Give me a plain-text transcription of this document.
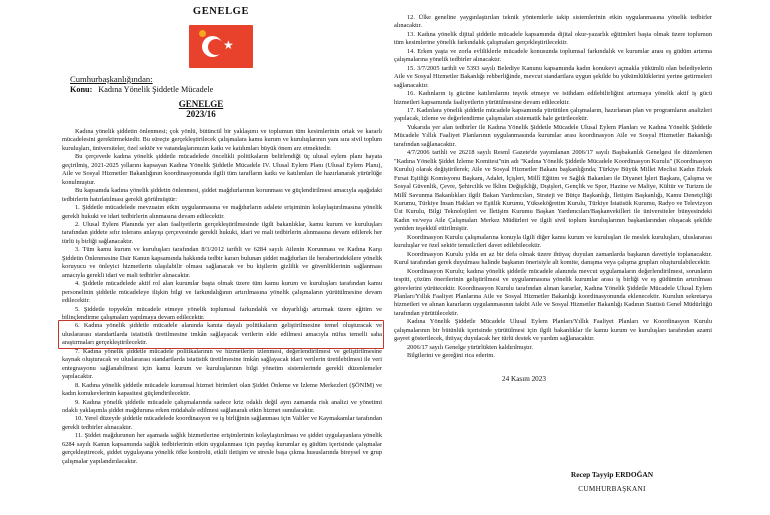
GENELGE
Cumhurbaşkanlığından:
Konu: Kadına Yönelik Şiddetle Mücadele
GENELGE
2023/16

Kadına yönelik şiddetin önlenmesi; çok yönlü, bütüncül bir yaklaşımı ve toplumun tüm kesimlerinin ortak ve kararlı mücadelesini gerektirmektedir. Bu süreçte gerçekleştirilecek çalışmalara kamu kurum ve kuruluşlarının yanı sıra sivil toplum kuruluşları, üniversiteler, özel sektör ve vatandaşlarımızın katkı ve katılımları büyük önem arz etmektedir.

Bu çerçevede kadına yönelik şiddetle mücadelede öncelikli politikaların belirlendiği üç ulusal eylem planı hayata geçirilmiş, 2021-2025 yıllarını kapsayan Kadına Yönelik Şiddetle Mücadele IV. Ulusal Eylem Planı (Ulusal Eylem Planı), Aile ve Sosyal Hizmetler Bakanlığının koordinasyonunda ilgili tüm tarafların katkı ve katılımları ile hazırlanarak yürürlüğe konulmuştur.

Bu kapsamda kadına yönelik şiddetin önlenmesi, şiddet mağdurlarının korunması ve güçlendirilmesi amacıyla aşağıdaki tedbirlerin hatırlatılması gerekli görülmüştür:

1. Şiddetle mücadelede mevzuatın etkin uygulanmasına ve mağdurların adalete erişiminin kolaylaştırılmasına yönelik gerekli hukuki ve idari tedbirlerin alınmasına devam edilecektir.

2. Ulusal Eylem Planında yer alan faaliyetlerin gerçekleştirilmesinde ilgili bakanlıklar, kamu kurum ve kuruluşları tarafından şiddete sıfır tolerans anlayışı çerçevesinde gerekli hukuki, idari ve mali tedbirlerin alınmasına devam edilerek her türlü iş birliği sağlanacaktır.

3. Tüm kamu kurum ve kuruluşları tarafından 8/3/2012 tarihli ve 6284 sayılı Ailenin Korunması ve Kadına Karşı Şiddetin Önlenmesine Dair Kanun kapsamında hakkında tedbir kararı bulunan şiddet mağdurları ile beraberindekilere yönelik koruyucu ve önleyici hizmetlerin ulaşılabilir olması sağlanacak ve bu kişilerin gizlilik ve güvenliklerinin sağlanması amacıyla gerekli idari ve mali tedbirler alınacaktır.

4. Şiddetle mücadelede aktif rol alan kurumlar başta olmak üzere tüm kamu kurum ve kuruluşları tarafından kamu personelinin şiddetle mücadeleye ilişkin bilgi ve farkındalığının artırılmasına yönelik çalışmaların yürütülmesine devam edilecektir.

5. Şiddetle topyekûn mücadele etmeye yönelik toplumsal farkındalık ve duyarlılığı artırmak üzere eğitim ve bilinçlendirme çalışmaları yapılmaya devam edilecektir.

6. Kadına yönelik şiddetle mücadele alanında kanıta dayalı politikaların geliştirilmesine temel oluşturacak ve uluslararası standartlarda istatistik üretilmesine imkân sağlayacak verilerin elde edilmesi amacıyla nüfus temelli saha araştırmaları gerçekleştirilecektir.

7. Kadına yönelik şiddetle mücadele politikalarının ve hizmetlerin izlenmesi, değerlendirilmesi ve geliştirilmesine kaynak oluşturacak ve uluslararası standartlarda istatistik üretilmesine imkân sağlayacak idari verilerin üretilebilmesi ile veri entegrasyonu sağlanabilmesi için kamu kurum ve kuruluşlarının bilgi yönetim sistemlerinde gerekli düzenlemeler yapılacaktır.

8. Kadına yönelik şiddetle mücadele kurumsal hizmet birimleri olan Şiddet Önleme ve İzleme Merkezleri (ŞÖNİM) ve kadın konukevlerinin kapasitesi güçlendirilecektir.

9. Kadına yönelik şiddetle mücadele çalışmalarında sadece kriz odaklı değil aynı zamanda risk analizi ve yönetimi odaklı yaklaşımla şiddet mağduruna erken müdahale edilmesi sağlanarak etkin hizmet sunulacaktır.

10. Yerel düzeyde şiddetle mücadelede koordinasyon ve iş birliğinin sağlanması için Valiler ve Kaymakamlar tarafından gerekli tedbirler alınacaktır.

11. Şiddet mağdurunun her aşamada sağlık hizmetlerine erişimlerinin kolaylaştırılması ve şiddet uygulayanlara yönelik 6284 sayılı Kanun kapsamında sağlık tedbirlerinin etkin uygulanması için paydaş kurumlar eş güdüm içerisinde çalışmalar gerçekleştirecek, şiddet uygulayana yönelik öfke kontrolü, etkili iletişim ve stresle başa çıkma hususlarında bireysel ve grup çalışmalar yapılandırılacaktır.

12. Ülke geneline yaygınlaştırılan teknik yöntemlerle takip sistemlerinin etkin uygulanmasına yönelik tedbirler alınacaktır.

13. Kadına yönelik dijital şiddetle mücadele kapsamında dijital okur-yazarlık eğitimleri başta olmak üzere toplumun tüm kesimlerine yönelik farkındalık çalışmaları gerçekleştirilecektir.

14. Erken yaşta ve zorla evliliklerle mücadele konusunda toplumsal farkındalık ve kurumlar arası eş güdüm artırma çalışmalarına yönelik tedbirler alınacaktır.

15. 3/7/2005 tarihli ve 5393 sayılı Belediye Kanunu kapsamında kadın konukevi açmakla yükümlü olan belediyelerin Aile ve Sosyal Hizmetler Bakanlığı rehberliğinde, mevcut standartlara uygun şekilde bu yükümlülüklerini yerine getirmeleri sağlanacaktır.

16. Kadınların iş gücüne katılımlarını teşvik etmeye ve istihdam edilebilirliğini artırmaya yönelik aktif iş gücü hizmetleri kapsamında faaliyetlerin yürütülmesine devam edilecektir.

17. Kadınlara yönelik şiddetle mücadele kapsamında yürütülen çalışmaların, hazırlanan plan ve programların analizleri yapılacak, izleme ve değerlendirme çalışmaları sistematik hale getirilecektir.

Yukarıda yer alan tedbirler ile Kadına Yönelik Şiddetle Mücadele Ulusal Eylem Planları ve Kadına Yönelik Şiddetle Mücadele Yıllık Faaliyet Planlarının uygulanmasında kurumlar arası koordinasyon Aile ve Sosyal Hizmetler Bakanlığı tarafından sağlanacaktır.

4/7/2006 tarihli ve 26218 sayılı Resmî Gazete'de yayımlanan 2006/17 sayılı Başbakanlık Genelgesi ile düzenlenen "Kadına Yönelik Şiddet İzleme Komitesi"nin adı "Kadına Yönelik Şiddetle Mücadele Koordinasyon Kurulu" (Koordinasyon Kurulu) olarak değiştirilerek; Aile ve Sosyal Hizmetler Bakanı başkanlığında; Türkiye Büyük Millet Meclisi Kadın Erkek Fırsat Eşitliği Komisyonu Başkanı, Adalet, İçişleri, Millî Eğitim ve Sağlık Bakanları ile Diyanet İşleri Başkanı, Çalışma ve Sosyal Güvenlik, Çevre, Şehircilik ve İklim Değişikliği, Dışişleri, Gençlik ve Spor, Hazine ve Maliye, Kültür ve Turizm ile Millî Savunma Bakanlıkları ilgili Bakan Yardımcıları, Strateji ve Bütçe Başkanlığı, İletişim Başkanlığı, Kamu Denetçiliği Kurumu, Türkiye İnsan Hakları ve Eşitlik Kurumu, Yükseköğretim Kurulu, Türkiye İstatistik Kurumu, Radyo ve Televizyon Üst Kurulu, Bilgi Teknolojileri ve İletişim Kurumu Başkan Yardımcıları/Başkanvekilleri ile üniversiteler bünyesindeki Kadın ve/veya Aile Çalışmaları Merkez Müdürleri ve ilgili sivil toplum kuruluşlarının başkanlarından oluşacak şekilde yeniden teşekkül ettirilmiştir.

Koordinasyon Kurulu çalışmalarına konuyla ilgili diğer kamu kurum ve kuruluşları ile meslek kuruluşları, uluslararası kuruluşlar ve özel sektör temsilcileri davet edilebilecektir.

Koordinasyon Kurulu yılda en az bir defa olmak üzere ihtiyaç duyulan zamanlarda başkanın davetiyle toplanacaktır. Kurul tarafından gerek duyulması halinde başkanın önerisiyle alt komite, danışma veya çalışma grupları oluşturulabilecektir.

Koordinasyon Kurulu; kadına yönelik şiddetle mücadele alanında mevcut uygulamaların değerlendirilmesi, sorunların tespiti, çözüm önerilerinin geliştirilmesi ve uygulanmasına yönelik kurumlar arası iş birliği ve eş güdümün artırılması görevlerini yürütecektir. Koordinasyon Kurulu tarafından alınan kararlar, Kadına Yönelik Şiddetle Mücadele Ulusal Eylem Planları/Yıllık Faaliyet Planlarına Aile ve Sosyal Hizmetler Bakanlığı koordinasyonunda eklenecektir. Kurulun sekretarya hizmetleri ve alınan kararların uygulanmasının takibi Aile ve Sosyal Hizmetler Bakanlığı Kadının Statüsü Genel Müdürlüğü tarafından yürütülecektir.

Kadına Yönelik Şiddetle Mücadele Ulusal Eylem Planları/Yıllık Faaliyet Planları ve Koordinasyon Kurulu çalışmalarının bir bütünlük içerisinde yürütülmesi için ilgili bakanlıklar ile kamu kurum ve kuruluşları tarafından azami gayret gösterilecek, ihtiyaç duyulacak her türlü destek ve yardım sağlanacaktır.

2006/17 sayılı Genelge yürürlükten kaldırılmıştır.

Bilgilerini ve gereğini rica ederim.

24 Kasım 2023
Recep Tayyip ERDOĞAN
CUMHURBAŞKANI
